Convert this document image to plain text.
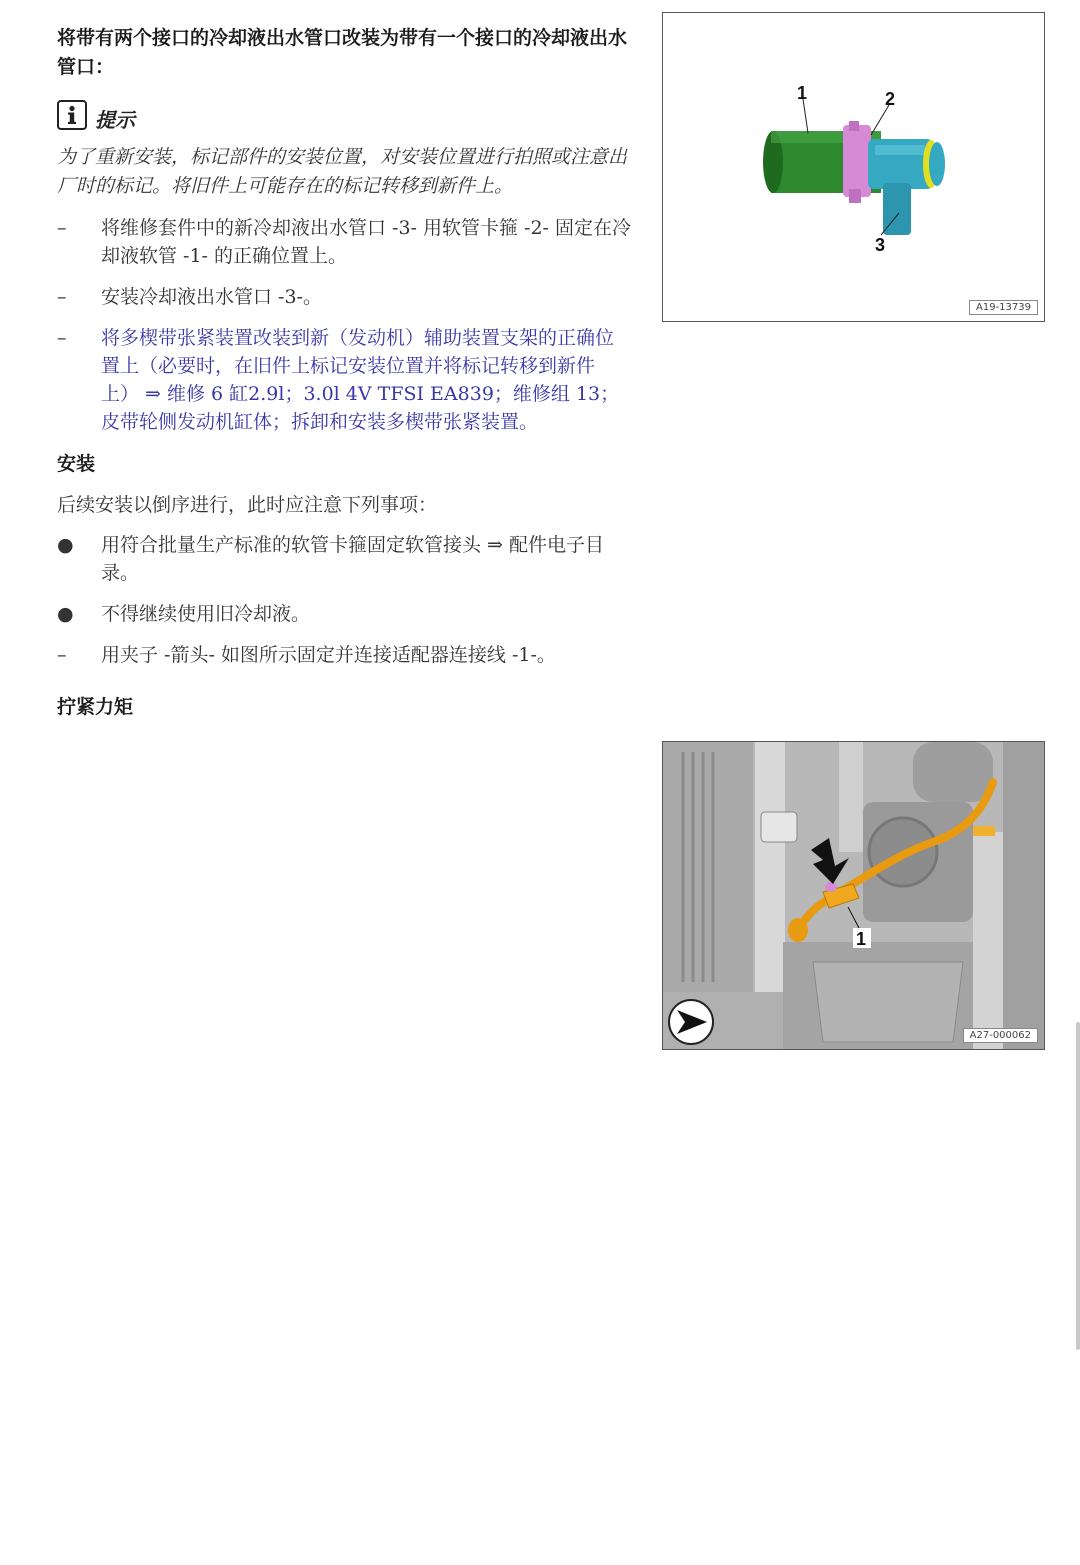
将带有两个接口的冷却液出水管口改装为带有一个接口的冷却液出水管口：
提示
为了重新安装，标记部件的安装位置，对安装位置进行拍照或注意出厂时的标记。将旧件上可能存在的标记转移到新件上。
–	将维修套件中的新冷却液出水管口 -3- 用软管卡箍 -2- 固定在冷却液软管 -1- 的正确位置上。
–	安装冷却液出水管口 -3-。
–	将多楔带张紧装置改装到新（发动机）辅助装置支架的正确位置上（必要时，在旧件上标记安装位置并将标记转移到新件上） ⇒ 维修 6 缸2.9l；3.0l 4V TFSI EA839；维修组 13；皮带轮侧发动机缸体；拆卸和安装多楔带张紧装置。
安装
后续安装以倒序进行，此时应注意下列事项：
●	用符合批量生产标准的软管卡箍固定软管接头 ⇒ 配件电子目录。
●	不得继续使用旧冷却液。
–	用夹子 -箭头- 如图所示固定并连接适配器连接线 -1-。
拧紧力矩
1	2
3
A19-13739
1
A27-000062
